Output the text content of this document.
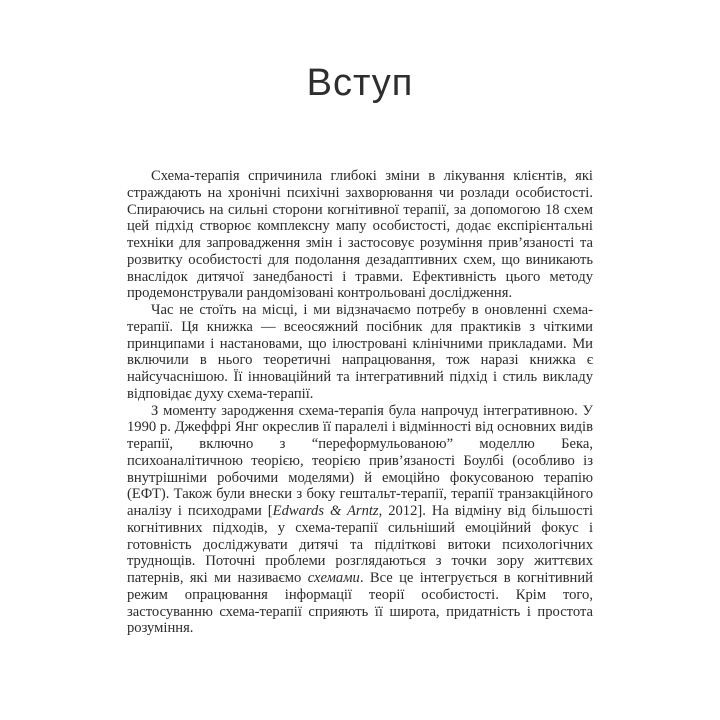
Вступ

Схема-терапія спричинила глибокі зміни в лікування клієнтів, які страждають на хронічні психічні захворювання чи розлади особистості. Спираючись на сильні сторони когнітивної терапії, за допомогою 18 схем цей підхід створює комплексну мапу особистості, додає експірієнтальні техніки для запровадження змін і застосовує розуміння прив’язаності та розвитку особистості для подолання дезадаптивних схем, що виникають внаслідок дитячої занедбаності і травми. Ефективність цього методу продемонстрували рандомізовані контрольовані дослідження.

Час не стоїть на місці, і ми відзначаємо потребу в оновленні схема-терапії. Ця книжка — всеосяжний посібник для практиків з чіткими принципами і настановами, що ілюстровані клінічними прикладами. Ми включили в нього теоретичні напрацювання, тож наразі книжка є найсучаснішою. Її інноваційний та інтегративний підхід і стиль викладу відповідає духу схема-терапії.

З моменту зародження схема-терапія була напрочуд інтегративною. У 1990 р. Джеффрі Янг окреслив її паралелі і відмінності від основних видів терапії, включно з “переформульованою” моделлю Бека, психоаналітичною теорією, теорією прив’язаності Боулбі (особливо із внутрішніми робочими моделями) й емоційно фокусованою терапію (ЕФТ). Також були внески з боку гештальт-терапії, терапії транзакційного аналізу і психодрами [Edwards & Arntz, 2012]. На відміну від більшості когнітивних підходів, у схема-терапії сильніший емоційний фокус і готовність досліджувати дитячі та підліткові витоки психологічних труднощів. Поточні проблеми розглядаються з точки зору життєвих патернів, які ми називаємо схемами. Все це інтегрується в когнітивний режим опрацювання інформації теорії особистості. Крім того, застосуванню схема-терапії сприяють її широта, придатність і простота розуміння.
